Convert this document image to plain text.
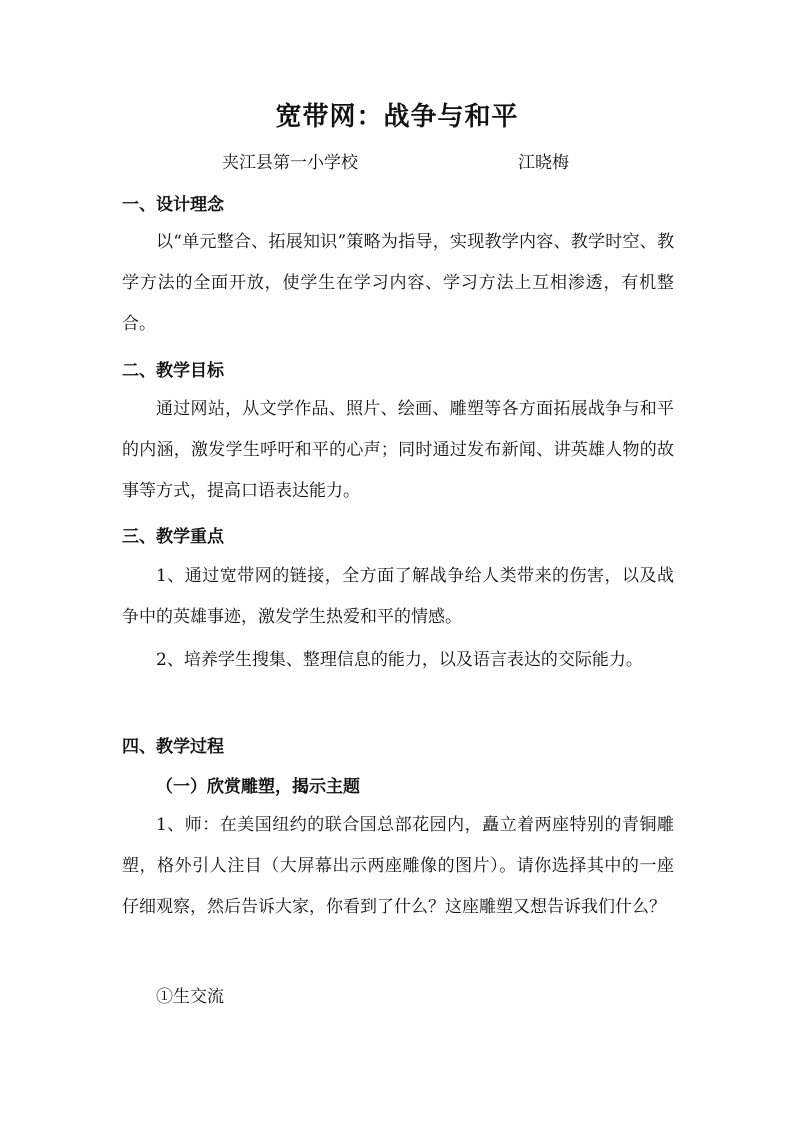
宽带网：战争与和平
夹江县第一小学校	江晓梅
一、设计理念

以“单元整合、拓展知识”策略为指导，实现教学内容、教学时空、教学方法的全面开放，使学生在学习内容、学习方法上互相渗透，有机整合。

二、教学目标

通过网站，从文学作品、照片、绘画、雕塑等各方面拓展战争与和平的内涵，激发学生呼吁和平的心声；同时通过发布新闻、讲英雄人物的故事等方式，提高口语表达能力。

三、教学重点

1、通过宽带网的链接，全方面了解战争给人类带来的伤害，以及战争中的英雄事迹，激发学生热爱和平的情感。

2、培养学生搜集、整理信息的能力，以及语言表达的交际能力。

四、教学过程
（一）欣赏雕塑，揭示主题

1、师：在美国纽约的联合国总部花园内，矗立着两座特别的青铜雕塑，格外引人注目（大屏幕出示两座雕像的图片）。请你选择其中的一座仔细观察，然后告诉大家，你看到了什么？这座雕塑又想告诉我们什么？

①生交流
